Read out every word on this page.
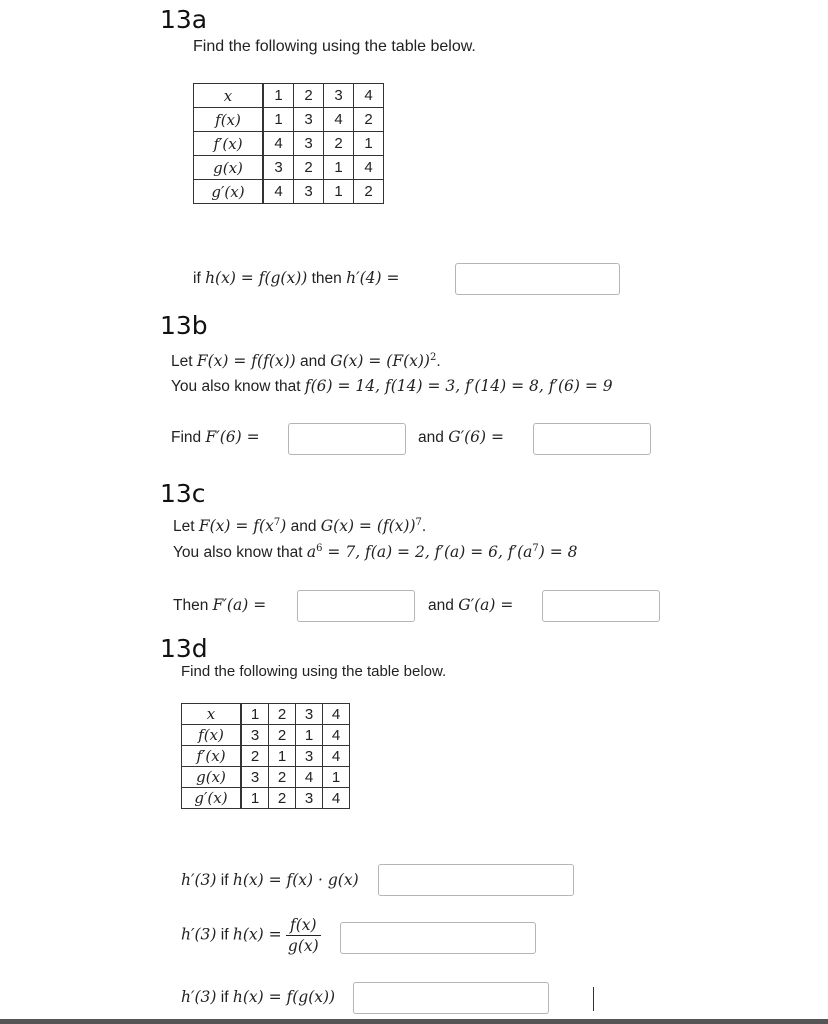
13a
Find the following using the table below.
x	1	2	3	4
f(x)	1	3	4	2
f′(x)	4	3	2	1
g(x)	3	2	1	4
g′(x)	4	3	1	2
if h(x) = f(g(x)) then h′(4) =
13b
Let F(x) = f(f(x)) and $G(x) = (F(x))^2$.
You also know that f(6) = 14, f(14) = 3, f′(14) = 8, f′(6) = 9
Find F′(6) =	and G′(6) =
13c
Let $F(x) = f(x^7)$ and $G(x) = (f(x))^7$.
You also know that $a^6 = 7$, f(a) = 2, f′(a) = 6, $f'(a^7) = 8$
Then F′(a) =	and G′(a) =
13d
Find the following using the table below.
x	1	2	3	4
f(x)	3	2	1	4
f′(x)	2	1	3	4
g(x)	3	2	4	1
g′(x)	1	2	3	4
h′(3) if h(x) = f(x) · g(x)
h′(3) if $h(x) = \frac{f(x)}{g(x)}$
h′(3) if h(x) = f(g(x))
